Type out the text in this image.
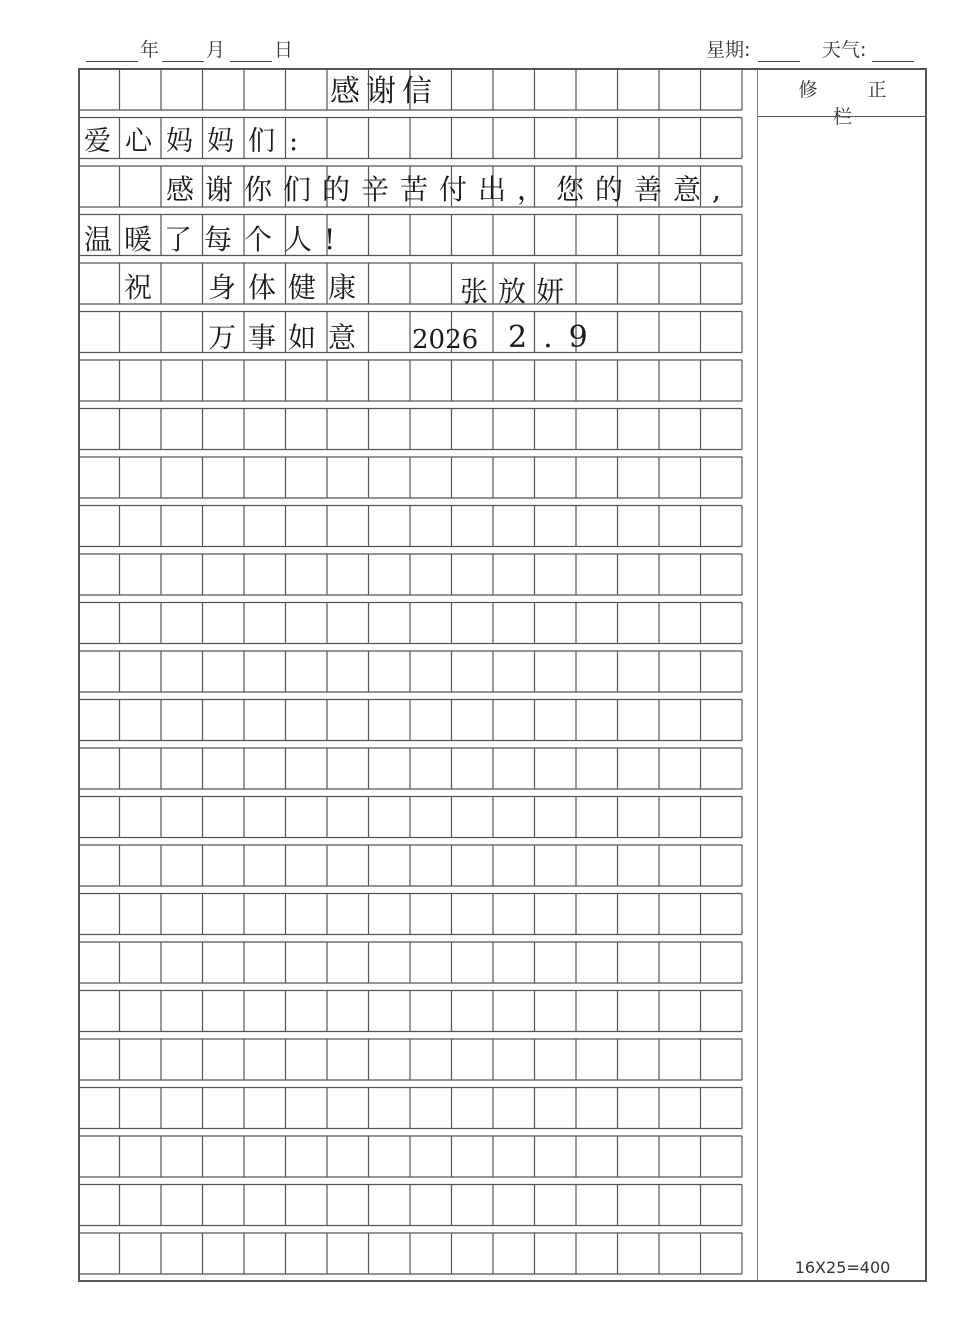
年 月	日	星期:	天气:
修 正 栏
16X25=400
感谢信
爱心妈妈们:
感谢你们的辛苦付出，您的善意,
温暖了每个人!
祝 身体健康	张放妍
万事如意 2026 2.9
